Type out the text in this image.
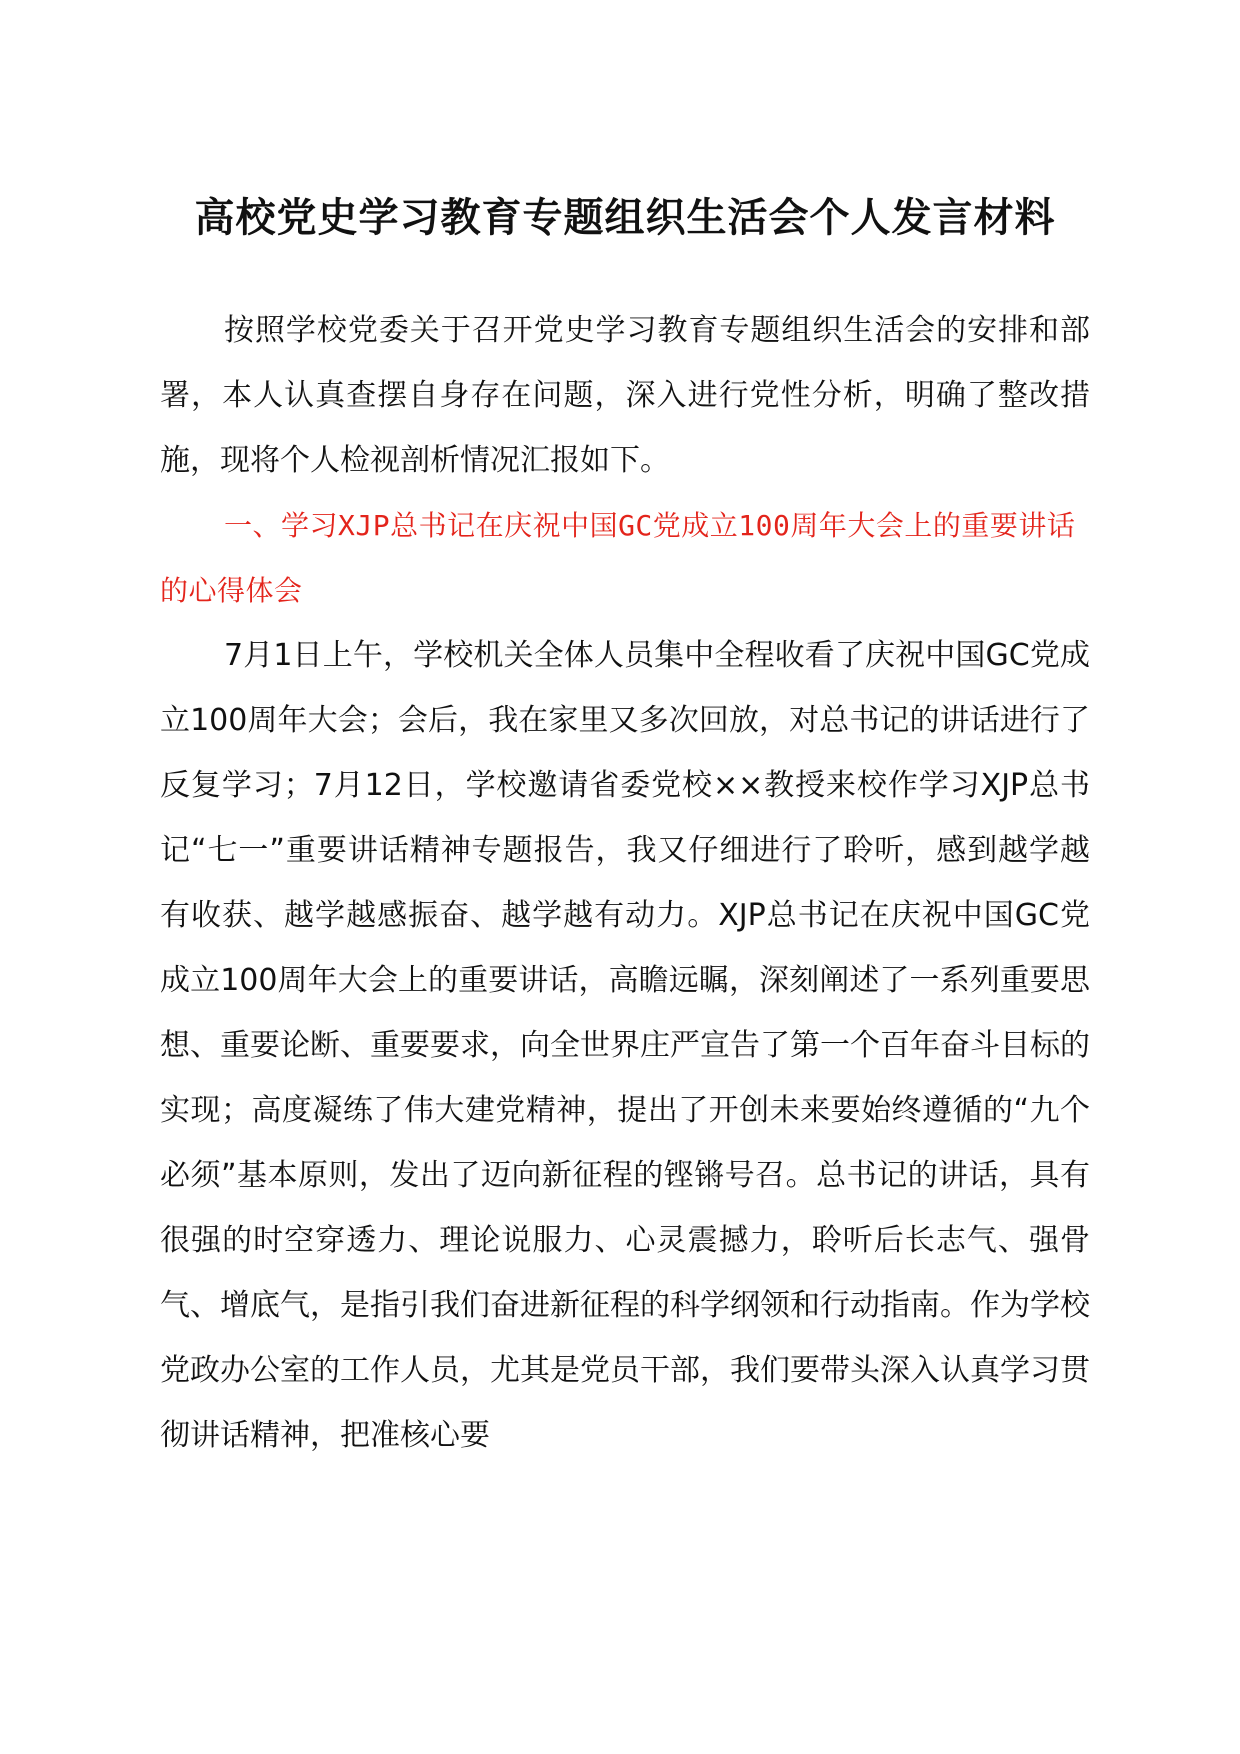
高校党史学习教育专题组织生活会个人发言材料

按照学校党委关于召开党史学习教育专题组织生活会的安排和部署，本人认真查摆自身存在问题，深入进行党性分析，明确了整改措施，现将个人检视剖析情况汇报如下。

一、学习XJP总书记在庆祝中国GC党成立100周年大会上的重要讲话的心得体会

7月1日上午，学校机关全体人员集中全程收看了庆祝中国GC党成立100周年大会；会后，我在家里又多次回放，对总书记的讲话进行了反复学习；7月12日，学校邀请省委党校××教授来校作学习XJP总书记“七一”重要讲话精神专题报告，我又仔细进行了聆听，感到越学越有收获、越学越感振奋、越学越有动力。XJP总书记在庆祝中国GC党成立100周年大会上的重要讲话，高瞻远瞩，深刻阐述了一系列重要思想、重要论断、重要要求，向全世界庄严宣告了第一个百年奋斗目标的实现；高度凝练了伟大建党精神，提出了开创未来要始终遵循的“九个必须”基本原则，发出了迈向新征程的铿锵号召。总书记的讲话，具有很强的时空穿透力、理论说服力、心灵震撼力，聆听后长志气、强骨气、增底气，是指引我们奋进新征程的科学纲领和行动指南。作为学校党政办公室的工作人员，尤其是党员干部，我们要带头深入认真学习贯彻讲话精神，把准核心要
